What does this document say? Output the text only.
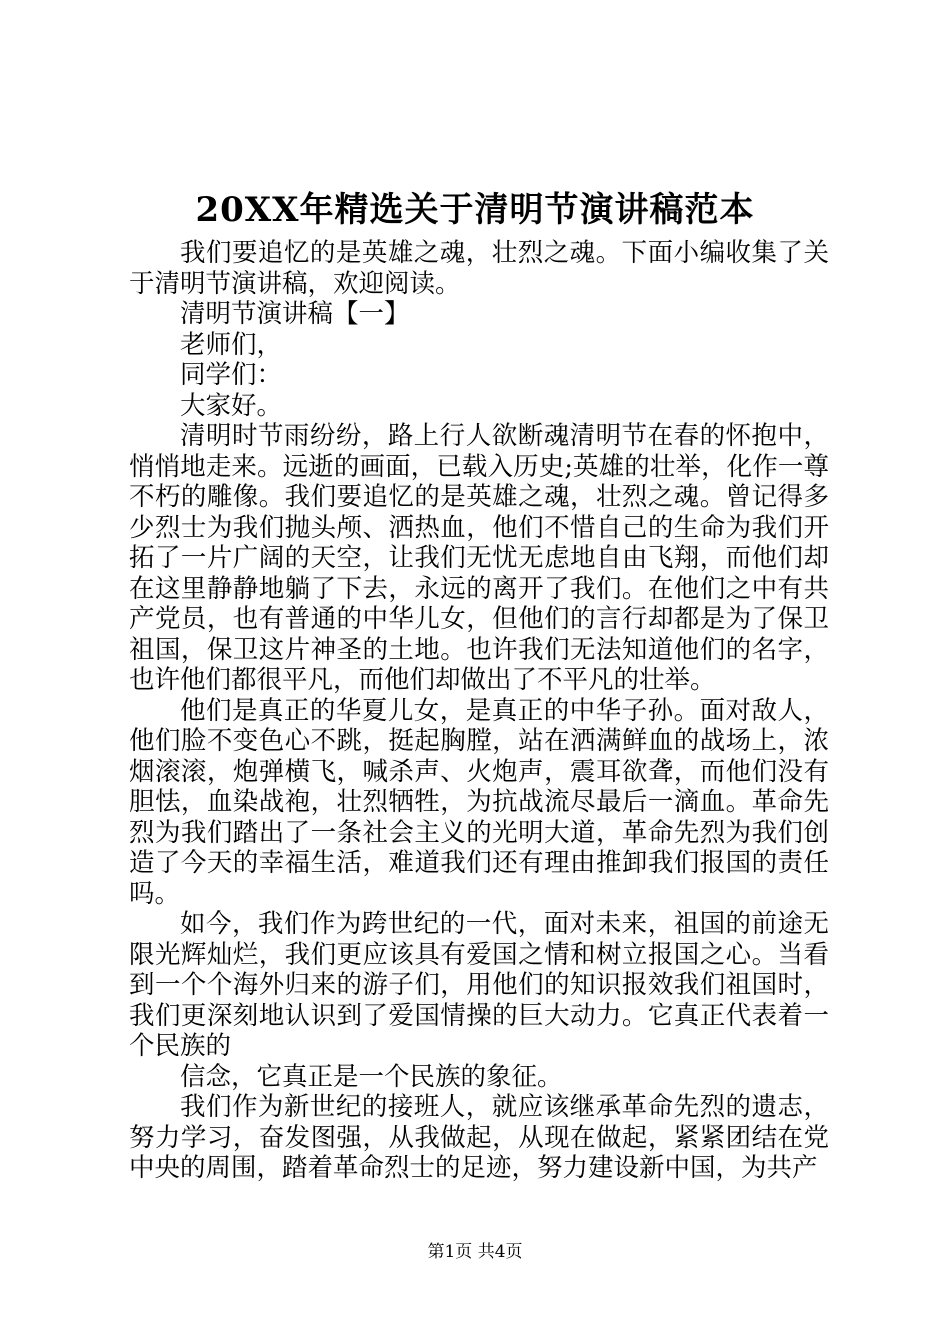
20XX年精选关于清明节演讲稿范本

我们要追忆的是英雄之魂，壮烈之魂。下面小编收集了关于清明节演讲稿，欢迎阅读。

清明节演讲稿【一】

老师们，

同学们：

大家好。

清明时节雨纷纷，路上行人欲断魂清明节在春的怀抱中，悄悄地走来。远逝的画面，已载入历史;英雄的壮举，化作一尊不朽的雕像。我们要追忆的是英雄之魂，壮烈之魂。曾记得多少烈士为我们抛头颅、洒热血，他们不惜自己的生命为我们开拓了一片广阔的天空，让我们无忧无虑地自由飞翔，而他们却在这里静静地躺了下去，永远的离开了我们。在他们之中有共产党员，也有普通的中华儿女，但他们的言行却都是为了保卫祖国，保卫这片神圣的土地。也许我们无法知道他们的名字，也许他们都很平凡，而他们却做出了不平凡的壮举。

他们是真正的华夏儿女，是真正的中华子孙。面对敌人，他们脸不变色心不跳，挺起胸膛，站在洒满鲜血的战场上，浓烟滚滚，炮弹横飞，喊杀声、火炮声，震耳欲聋，而他们没有胆怯，血染战袍，壮烈牺牲，为抗战流尽最后一滴血。革命先烈为我们踏出了一条社会主义的光明大道，革命先烈为我们创造了今天的幸福生活，难道我们还有理由推卸我们报国的责任吗。

如今，我们作为跨世纪的一代，面对未来，祖国的前途无限光辉灿烂，我们更应该具有爱国之情和树立报国之心。当看到一个个海外归来的游子们，用他们的知识报效我们祖国时，我们更深刻地认识到了爱国情操的巨大动力。它真正代表着一个民族的

信念，它真正是一个民族的象征。

我们作为新世纪的接班人，就应该继承革命先烈的遗志，努力学习，奋发图强，从我做起，从现在做起，紧紧团结在党中央的周围，踏着革命烈士的足迹，努力建设新中国，为共产

第1页 共4页
